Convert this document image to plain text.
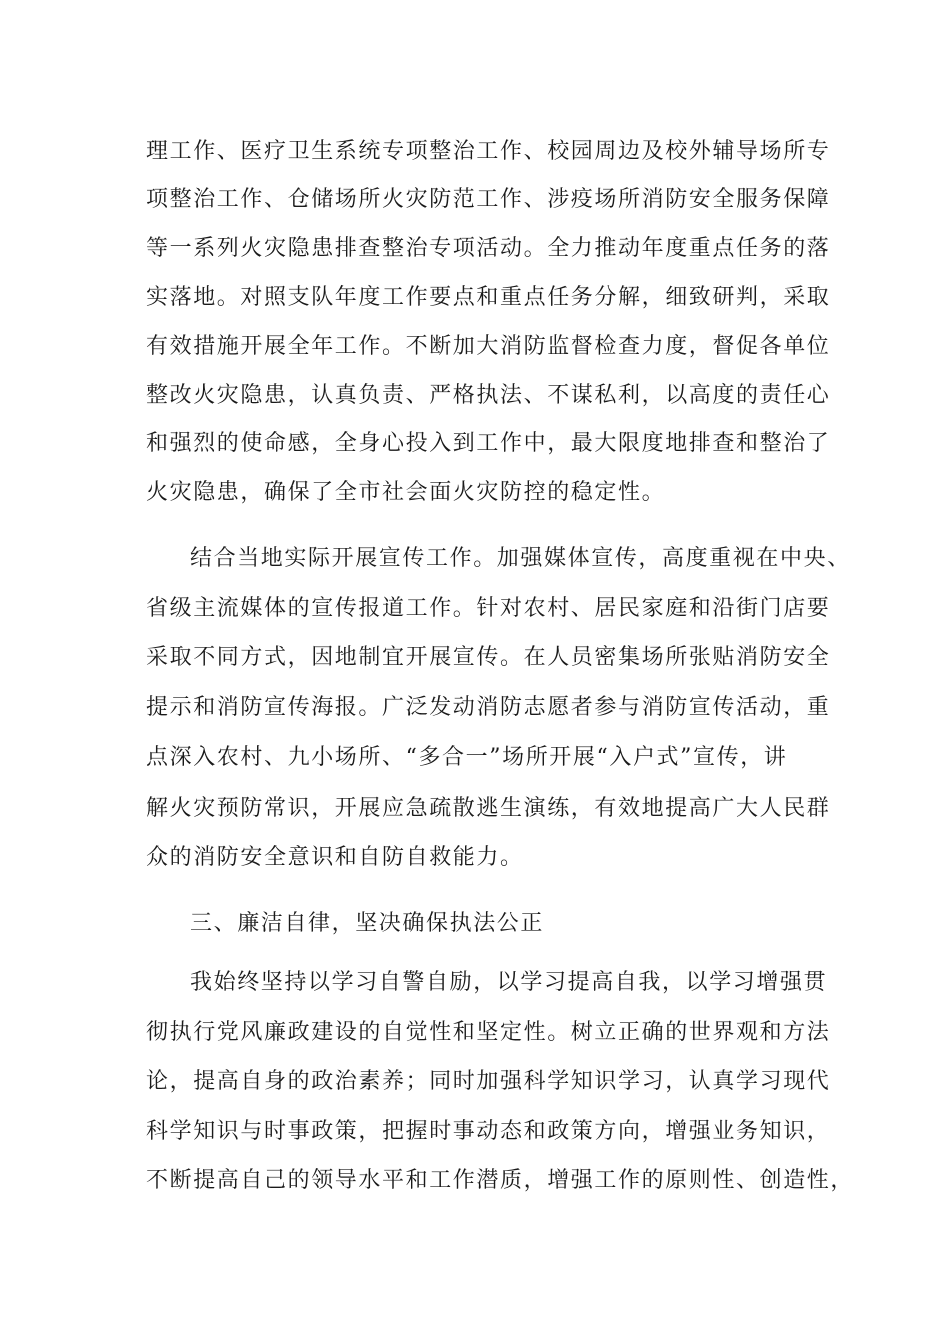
理工作、医疗卫生系统专项整治工作、校园周边及校外辅导场所专
项整治工作、仓储场所火灾防范工作、涉疫场所消防安全服务保障
等一系列火灾隐患排查整治专项活动。全力推动年度重点任务的落
实落地。对照支队年度工作要点和重点任务分解，细致研判，采取
有效措施开展全年工作。不断加大消防监督检查力度，督促各单位
整改火灾隐患，认真负责、严格执法、不谋私利，以高度的责任心
和强烈的使命感，全身心投入到工作中，最大限度地排查和整治了
火灾隐患，确保了全市社会面火灾防控的稳定性。
结合当地实际开展宣传工作。加强媒体宣传，高度重视在中央、
省级主流媒体的宣传报道工作。针对农村、居民家庭和沿街门店要
采取不同方式，因地制宜开展宣传。在人员密集场所张贴消防安全
提示和消防宣传海报。广泛发动消防志愿者参与消防宣传活动，重
点深入农村、九小场所、“多合一”场所开展“入户式”宣传，讲
解火灾预防常识，开展应急疏散逃生演练，有效地提高广大人民群
众的消防安全意识和自防自救能力。
三、廉洁自律，坚决确保执法公正
我始终坚持以学习自警自励，以学习提高自我，以学习增强贯
彻执行党风廉政建设的自觉性和坚定性。树立正确的世界观和方法
论，提高自身的政治素养；同时加强科学知识学习，认真学习现代
科学知识与时事政策，把握时事动态和政策方向，增强业务知识，
不断提高自己的领导水平和工作潜质，增强工作的原则性、创造性，
